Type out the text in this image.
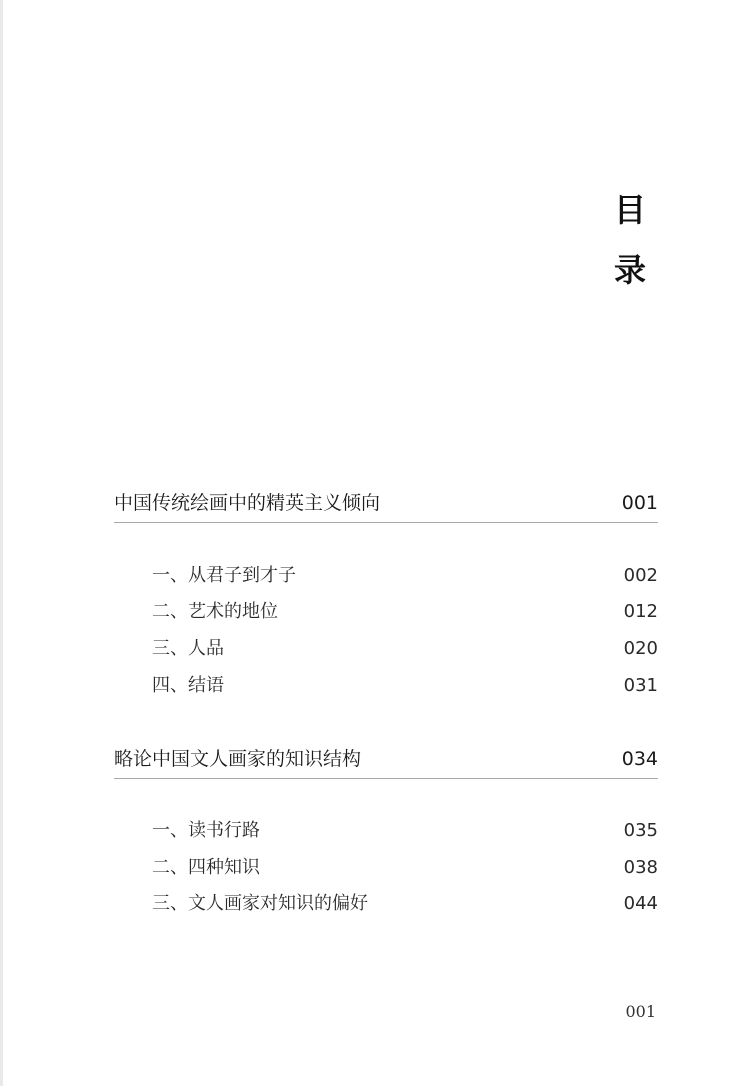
目
录
中国传统绘画中的精英主义倾向	001
一、从君子到才子	002
二、艺术的地位	012
三、人品	020
四、结语	031
略论中国文人画家的知识结构	034
一、读书行路	035
二、四种知识	038
三、文人画家对知识的偏好	044
001
